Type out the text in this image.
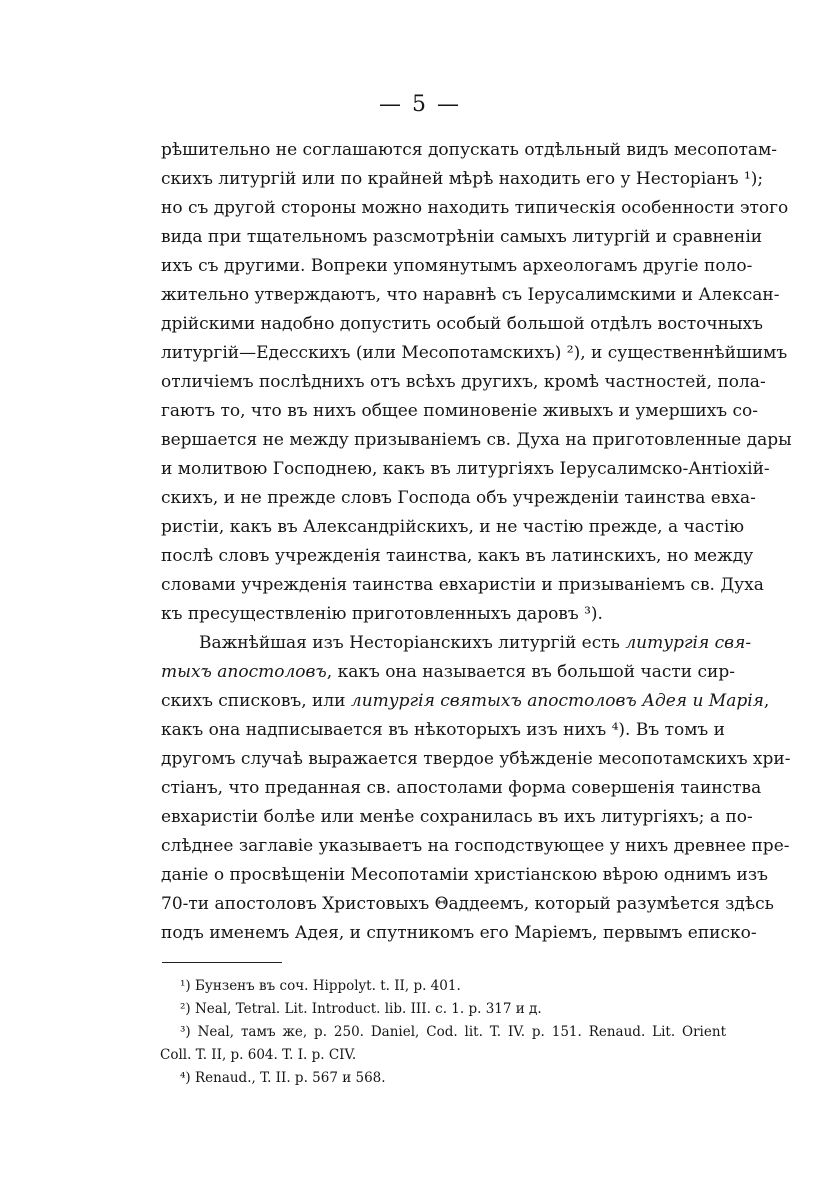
— 5 —
рѣшительно не соглашаются допускать отдѣльный видъ месопотам-
скихъ литургiй или по крайней мѣрѣ находить его у Несторiанъ ¹);
но съ другой стороны можно находить типическiя особенности этого
вида при тщательномъ разсмотрѣнiи самыхъ литургiй и сравненiи
ихъ съ другими. Вопреки упомянутымъ археологамъ другiе поло-
жительно утверждаютъ, что наравнѣ съ Iерусалимскими и Алексан-
дрiйскими надобно допустить особый большой отдѣлъ восточныхъ
литургiй—Едесскихъ (или Месопотамскихъ) ²), и существеннѣйшимъ
отличiемъ послѣднихъ отъ всѣхъ другихъ, кромѣ частностей, пола-
гаютъ то, что въ нихъ общее поминовенiе живыхъ и умершихъ со-
вершается не между призыванiемъ св. Духа на приготовленные дары
и молитвою Господнею, какъ въ литургiяхъ Iерусалимско-Антiохiй-
скихъ, и не прежде словъ Господа объ учрежденiи таинства евха-
ристiи, какъ въ Александрiйскихъ, и не частiю прежде, а частiю
послѣ словъ учрежденiя таинства, какъ въ латинскихъ, но между
словами учрежденiя таинства евхаристiи и призыванiемъ св. Духа
къ пресуществленiю приготовленныхъ даровъ ³).
Важнѣйшая изъ Несторiанскихъ литургiй есть литургiя свя-
тыхъ апостоловъ, какъ она называется въ большой части сир-
скихъ списковъ, или литургiя святыхъ апостоловъ Адея и Марiя,
какъ она надписывается въ нѣкоторыхъ изъ нихъ ⁴). Въ томъ и
другомъ случаѣ выражается твердое убѣжденiе месопотамскихъ хри-
стiанъ, что преданная св. апостолами форма совершенiя таинства
евхаристiи болѣе или менѣе сохранилась въ ихъ литургiяхъ; а по-
слѣднее заглавiе указываетъ на господствующее у нихъ древнее пре-
данiе о просвѣщенiи Месопотамiи христiанскою вѣрою однимъ изъ
70-ти апостоловъ Христовыхъ Θаддеемъ, который разумѣется здѣсь
подъ именемъ Адея, и спутникомъ его Марiемъ, первымъ еписко-
¹) Бунзенъ въ соч. Hippolyt. t. II, p. 401.
²) Neal, Tetral. Lit. Introduct. lib. III. c. 1. p. 317 и д.
³) Neal, тамъ же, p. 250. Daniel, Cod. lit. T. IV. p. 151. Renaud. Lit. Orient
Coll. T. II, p. 604. T. I. p. CIV.
⁴) Renaud., T. II. p. 567 и 568.
